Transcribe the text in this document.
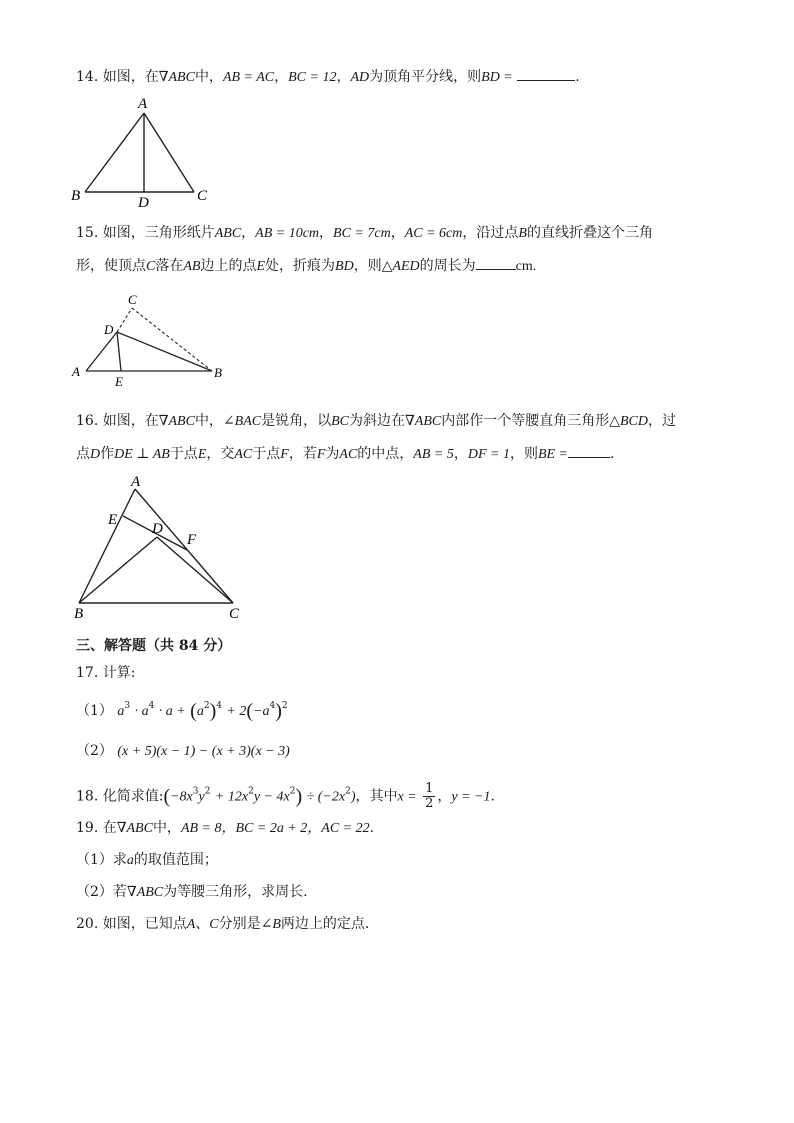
14. 如图，在∇ABC中，AB = AC，BC = 12，AD为顶角平分线，则BD =	.
A
B	C
D
15. 如图，三角形纸片ABC，AB = 10cm，BC = 7cm，AC = 6cm，沿过点B的直线折叠这个三角
形，使顶点C落在AB边上的点E处，折痕为BD，则△AED的周长为	cm.
C
D
A
E
B
16. 如图，在∇ABC中，∠BAC是锐角，以BC为斜边在∇ABC内部作一个等腰直角三角形△BCD，过
点D作DE ⊥ AB于点E，交AC于点F，若F为AC的中点，AB = 5，DF = 1，则BE =	.
A
E
D
F
B	C
三、解答题（共 84 分）
17. 计算:
（1） $a^3 \cdot a^4 \cdot a + (a^2)^4 + 2(-a^4)^2$
（2） (x + 5)(x − 1) − (x + 3)(x − 3)
18. 化简求值$:(-8x^3y^2 + 12x^2y - 4x^2) \div (-2x^2)$，其中$x = \frac{1}{2}$ ，y = −1.
19. 在∇ABC中，AB = 8，BC = 2a + 2，AC = 22.
（1）求a的取值范围；
（2）若∇ABC为等腰三角形，求周长.
20. 如图，已知点A、C分别是∠B两边上的定点.
